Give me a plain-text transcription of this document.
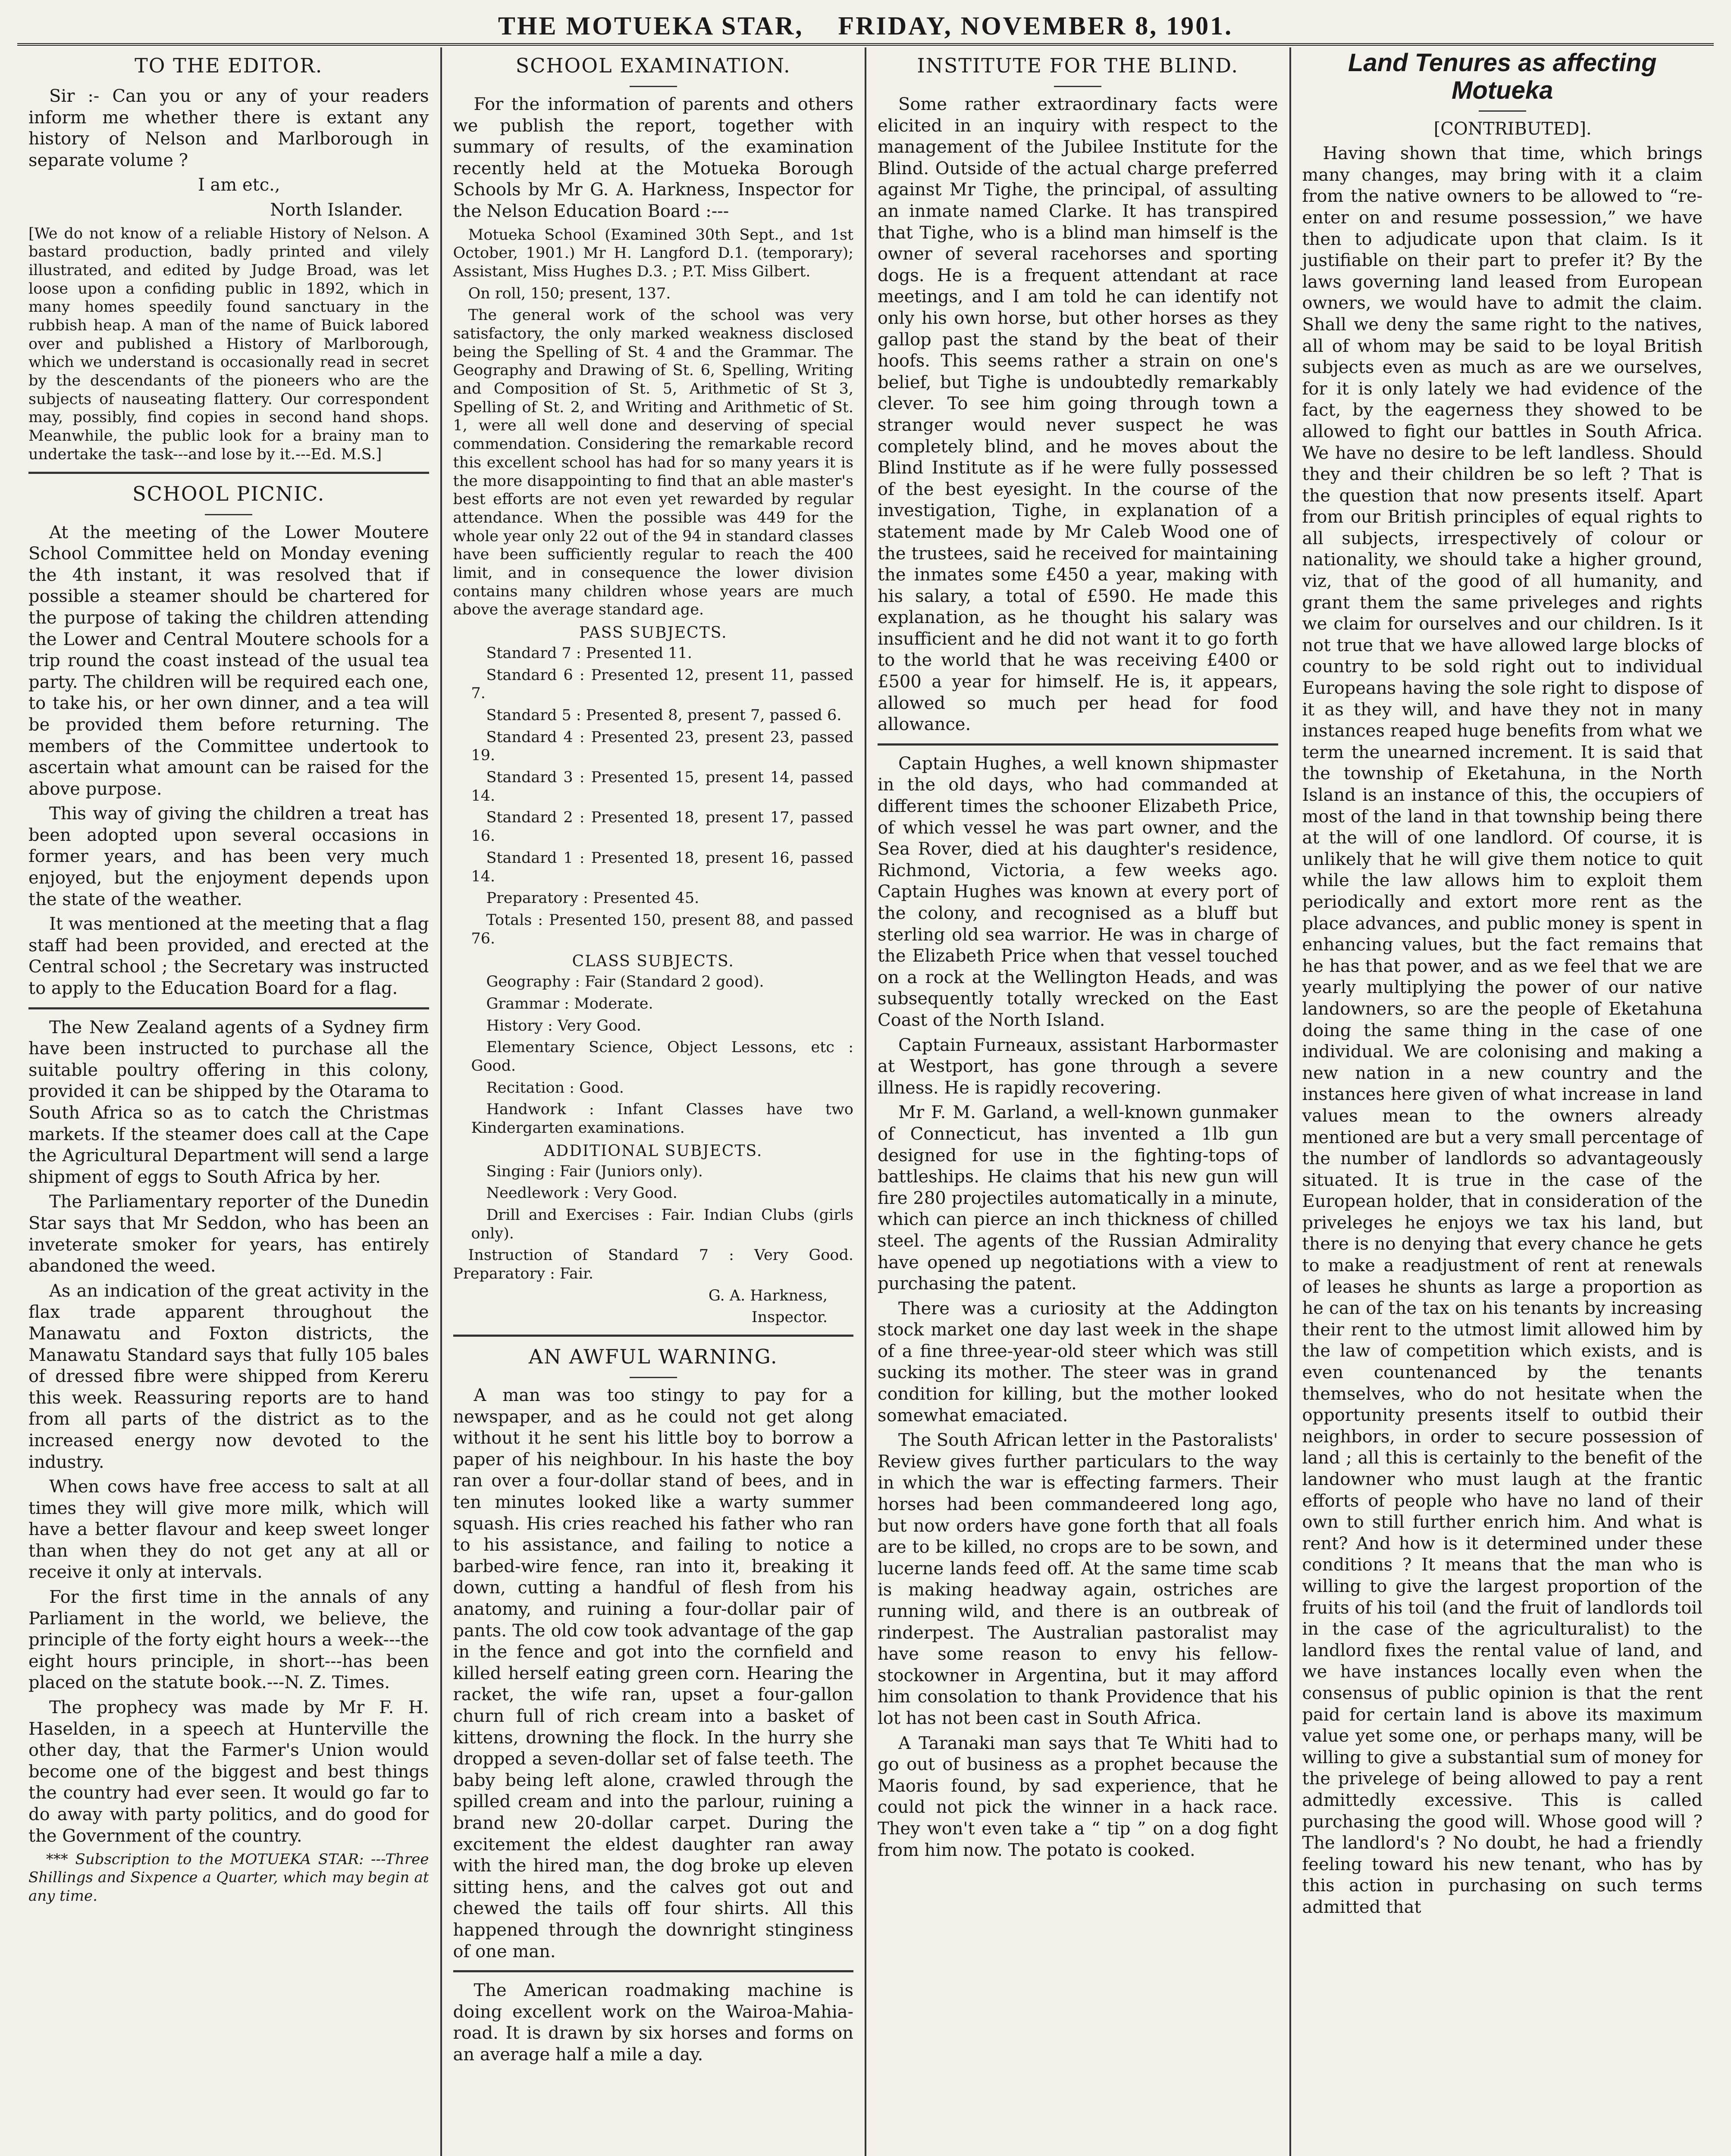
THE MOTUEKA STAR, FRIDAY, NOVEMBER 8, 1901.
TO THE EDITOR.

Sir :- Can you or any of your readers inform me whether there is extant any history of Nelson and Marlborough in separate volume ?

I am etc.,

North Islander.

[We do not know of a reliable History of Nelson. A bastard production, badly printed and vilely illustrated, and edited by Judge Broad, was let loose upon a confiding public in 1892, which in many homes speedily found sanctuary in the rubbish heap. A man of the name of Buick labored over and published a History of Marlborough, which we understand is occasionally read in secret by the descendants of the pioneers who are the subjects of nauseating flattery. Our correspondent may, possibly, find copies in second hand shops. Meanwhile, the public look for a brainy man to undertake the task---and lose by it.---Ed. M.S.]

SCHOOL PICNIC.

At the meeting of the Lower Moutere School Committee held on Monday evening the 4th instant, it was resolved that if possible a steamer should be chartered for the purpose of taking the children attending the Lower and Central Moutere schools for a trip round the coast instead of the usual tea party. The children will be required each one, to take his, or her own dinner, and a tea will be provided them before returning. The members of the Committee undertook to ascertain what amount can be raised for the above purpose.

This way of giving the children a treat has been adopted upon several occasions in former years, and has been very much enjoyed, but the enjoyment depends upon the state of the weather.

It was mentioned at the meeting that a flag staff had been provided, and erected at the Central school ; the Secretary was instructed to apply to the Education Board for a flag.

The New Zealand agents of a Sydney firm have been instructed to purchase all the suitable poultry offering in this colony, provided it can be shipped by the Otarama to South Africa so as to catch the Christmas markets. If the steamer does call at the Cape the Agricultural Department will send a large shipment of eggs to South Africa by her.

The Parliamentary reporter of the Dunedin Star says that Mr Seddon, who has been an inveterate smoker for years, has entirely abandoned the weed.

As an indication of the great activity in the flax trade apparent throughout the Manawatu and Foxton districts, the Manawatu Standard says that fully 105 bales of dressed fibre were shipped from Kereru this week. Reassuring reports are to hand from all parts of the district as to the increased energy now devoted to the industry.

When cows have free access to salt at all times they will give more milk, which will have a better flavour and keep sweet longer than when they do not get any at all or receive it only at intervals.

For the first time in the annals of any Parliament in the world, we believe, the principle of the forty eight hours a week---the eight hours principle, in short---has been placed on the statute book.---N. Z. Times.

The prophecy was made by Mr F. H. Haselden, in a speech at Hunterville the other day, that the Farmer's Union would become one of the biggest and best things the country had ever seen. It would go far to do away with party politics, and do good for the Government of the country.

*** Subscription to the MOTUEKA STAR: ---Three Shillings and Sixpence a Quarter, which may begin at any time.

SCHOOL EXAMINATION.

For the information of parents and others we publish the report, together with summary of results, of the examination recently held at the Motueka Borough Schools by Mr G. A. Harkness, Inspector for the Nelson Education Board :---

Motueka School (Examined 30th Sept., and 1st October, 1901.) Mr H. Langford D.1. (temporary); Assistant, Miss Hughes D.3. ; P.T. Miss Gilbert.

On roll, 150; present, 137.

The general work of the school was very satisfactory, the only marked weakness disclosed being the Spelling of St. 4 and the Grammar. The Geography and Drawing of St. 6, Spelling, Writing and Composition of St. 5, Arithmetic of St 3, Spelling of St. 2, and Writing and Arithmetic of St. 1, were all well done and deserving of special commendation. Considering the remarkable record this excellent school has had for so many years it is the more disappointing to find that an able master's best efforts are not even yet rewarded by regular attendance. When the possible was 449 for the whole year only 22 out of the 94 in standard classes have been sufficiently regular to reach the 400 limit, and in consequence the lower division contains many children whose years are much above the average standard age.

PASS SUBJECTS.

Standard 7 : Presented 11.

Standard 6 : Presented 12, present 11, passed 7.

Standard 5 : Presented 8, present 7, passed 6.

Standard 4 : Presented 23, present 23, passed 19.

Standard 3 : Presented 15, present 14, passed 14.

Standard 2 : Presented 18, present 17, passed 16.

Standard 1 : Presented 18, present 16, passed 14.

Preparatory : Presented 45.

Totals : Presented 150, present 88, and passed 76.

CLASS SUBJECTS.

Geography : Fair (Standard 2 good).

Grammar : Moderate.

History : Very Good.

Elementary Science, Object Lessons, etc : Good.

Recitation : Good.

Handwork : Infant Classes have two Kindergarten examinations.

ADDITIONAL SUBJECTS.

Singing : Fair (Juniors only).

Needlework : Very Good.

Drill and Exercises : Fair. Indian Clubs (girls only).

Instruction of Standard 7 : Very Good. Preparatory : Fair.

G. A. Harkness,

Inspector.

AN AWFUL WARNING.

A man was too stingy to pay for a newspaper, and as he could not get along without it he sent his little boy to borrow a paper of his neighbour. In his haste the boy ran over a four-dollar stand of bees, and in ten minutes looked like a warty summer squash. His cries reached his father who ran to his assistance, and failing to notice a barbed-wire fence, ran into it, breaking it down, cutting a handful of flesh from his anatomy, and ruining a four-dollar pair of pants. The old cow took advantage of the gap in the fence and got into the cornfield and killed herself eating green corn. Hearing the racket, the wife ran, upset a four-gallon churn full of rich cream into a basket of kittens, drowning the flock. In the hurry she dropped a seven-dollar set of false teeth. The baby being left alone, crawled through the spilled cream and into the parlour, ruining a brand new 20-dollar carpet. During the excitement the eldest daughter ran away with the hired man, the dog broke up eleven sitting hens, and the calves got out and chewed the tails off four shirts. All this happened through the downright stinginess of one man.

The American roadmaking machine is doing excellent work on the Wairoa-Mahia-road. It is drawn by six horses and forms on an average half a mile a day.

INSTITUTE FOR THE BLIND.

Some rather extraordinary facts were elicited in an inquiry with respect to the management of the Jubilee Institute for the Blind. Outside of the actual charge preferred against Mr Tighe, the principal, of assulting an inmate named Clarke. It has transpired that Tighe, who is a blind man himself is the owner of several racehorses and sporting dogs. He is a frequent attendant at race meetings, and I am told he can identify not only his own horse, but other horses as they gallop past the stand by the beat of their hoofs. This seems rather a strain on one's belief, but Tighe is undoubtedly remarkably clever. To see him going through town a stranger would never suspect he was completely blind, and he moves about the Blind Institute as if he were fully possessed of the best eyesight. In the course of the investigation, Tighe, in explanation of a statement made by Mr Caleb Wood one of the trustees, said he received for maintaining the inmates some £450 a year, making with his salary, a total of £590. He made this explanation, as he thought his salary was insufficient and he did not want it to go forth to the world that he was receiving £400 or £500 a year for himself. He is, it appears, allowed so much per head for food allowance.

Captain Hughes, a well known shipmaster in the old days, who had commanded at different times the schooner Elizabeth Price, of which vessel he was part owner, and the Sea Rover, died at his daughter's residence, Richmond, Victoria, a few weeks ago. Captain Hughes was known at every port of the colony, and recognised as a bluff but sterling old sea warrior. He was in charge of the Elizabeth Price when that vessel touched on a rock at the Wellington Heads, and was subsequently totally wrecked on the East Coast of the North Island.

Captain Furneaux, assistant Harbormaster at Westport, has gone through a severe illness. He is rapidly recovering.

Mr F. M. Garland, a well-known gunmaker of Connecticut, has invented a 1lb gun designed for use in the fighting-tops of battleships. He claims that his new gun will fire 280 projectiles automatically in a minute, which can pierce an inch thickness of chilled steel. The agents of the Russian Admirality have opened up negotiations with a view to purchasing the patent.

There was a curiosity at the Addington stock market one day last week in the shape of a fine three-year-old steer which was still sucking its mother. The steer was in grand condition for killing, but the mother looked somewhat emaciated.

The South African letter in the Pastoralists' Review gives further particulars to the way in which the war is effecting farmers. Their horses had been commandeered long ago, but now orders have gone forth that all foals are to be killed, no crops are to be sown, and lucerne lands feed off. At the same time scab is making headway again, ostriches are running wild, and there is an outbreak of rinderpest. The Australian pastoralist may have some reason to envy his fellow-stockowner in Argentina, but it may afford him consolation to thank Providence that his lot has not been cast in South Africa.

A Taranaki man says that Te Whiti had to go out of business as a prophet because the Maoris found, by sad experience, that he could not pick the winner in a hack race. They won't even take a “ tip ” on a dog fight from him now. The potato is cooked.

Land Tenures as affecting Motueka

[CONTRIBUTED].

Having shown that time, which brings many changes, may bring with it a claim from the native owners to be allowed to “re-enter on and resume possession,” we have then to adjudicate upon that claim. Is it justifiable on their part to prefer it? By the laws governing land leased from European owners, we would have to admit the claim. Shall we deny the same right to the natives, all of whom may be said to be loyal British subjects even as much as are we ourselves, for it is only lately we had evidence of the fact, by the eagerness they showed to be allowed to fight our battles in South Africa. We have no desire to be left landless. Should they and their children be so left ? That is the question that now presents itself. Apart from our British principles of equal rights to all subjects, irrespectively of colour or nationality, we should take a higher ground, viz, that of the good of all humanity, and grant them the same priveleges and rights we claim for ourselves and our children. Is it not true that we have allowed large blocks of country to be sold right out to individual Europeans having the sole right to dispose of it as they will, and have they not in many instances reaped huge benefits from what we term the unearned increment. It is said that the township of Eketahuna, in the North Island is an instance of this, the occupiers of most of the land in that township being there at the will of one landlord. Of course, it is unlikely that he will give them notice to quit while the law allows him to exploit them periodically and extort more rent as the place advances, and public money is spent in enhancing values, but the fact remains that he has that power, and as we feel that we are yearly multiplying the power of our native landowners, so are the people of Eketahuna doing the same thing in the case of one individual. We are colonising and making a new nation in a new country and the instances here given of what increase in land values mean to the owners already mentioned are but a very small percentage of the number of landlords so advantageously situated. It is true in the case of the European holder, that in consideration of the priveleges he enjoys we tax his land, but there is no denying that every chance he gets to make a readjustment of rent at renewals of leases he shunts as large a proportion as he can of the tax on his tenants by increasing their rent to the utmost limit allowed him by the law of competition which exists, and is even countenanced by the tenants themselves, who do not hesitate when the opportunity presents itself to outbid their neighbors, in order to secure possession of land ; all this is certainly to the benefit of the landowner who must laugh at the frantic efforts of people who have no land of their own to still further enrich him. And what is rent? And how is it determined under these conditions ? It means that the man who is willing to give the largest proportion of the fruits of his toil (and the fruit of landlords toil in the case of the agriculturalist) to the landlord fixes the rental value of land, and we have instances locally even when the consensus of public opinion is that the rent paid for certain land is above its maximum value yet some one, or perhaps many, will be willing to give a substantial sum of money for the privelege of being allowed to pay a rent admittedly excessive. This is called purchasing the good will. Whose good will ? The landlord's ? No doubt, he had a friendly feeling toward his new tenant, who has by this action in purchasing on such terms admitted that
